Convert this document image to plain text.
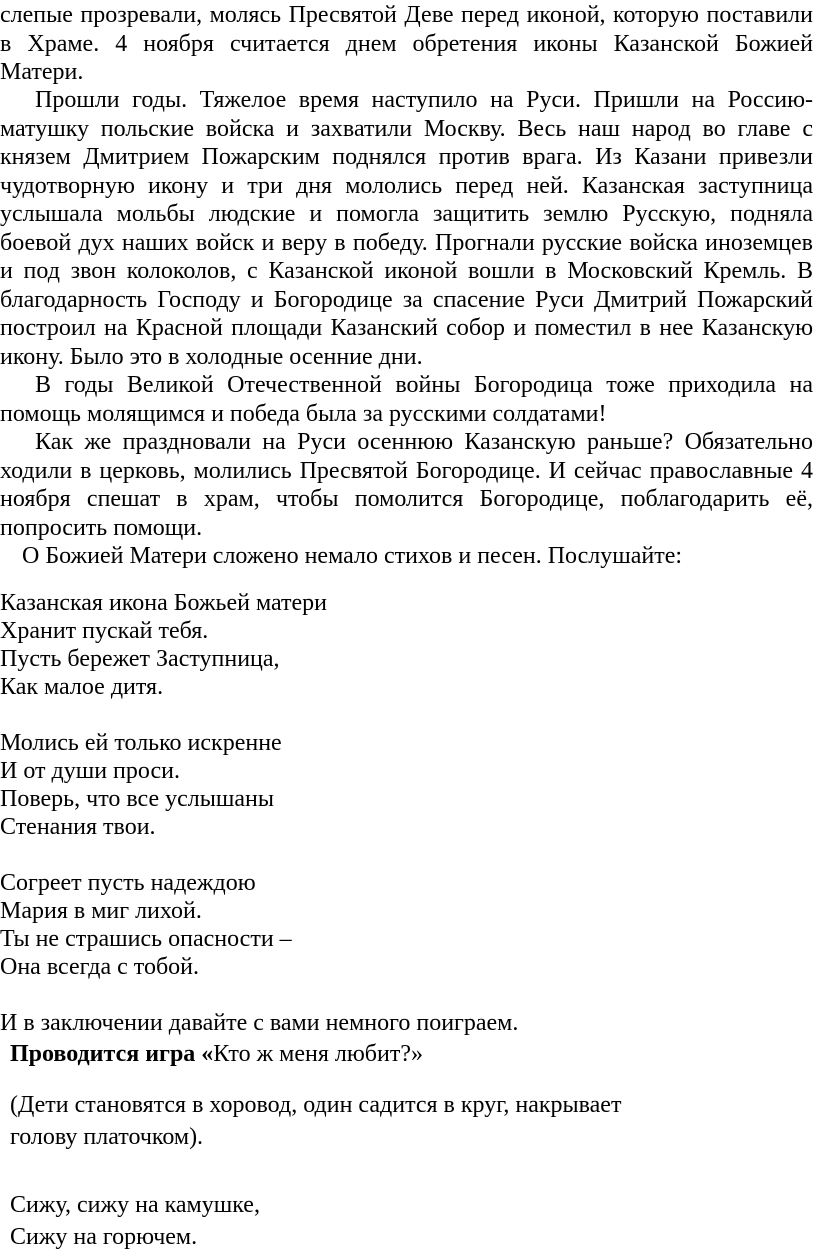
слепые прозревали, молясь Пресвятой Деве перед иконой, которую поставили
в Храме. 4 ноября считается днем обретения иконы Казанской Божией
Матери.
Прошли годы. Тяжелое время наступило на Руси. Пришли на Россию-
матушку польские войска и захватили Москву. Весь наш народ во главе с
князем Дмитрием Пожарским поднялся против врага. Из Казани привезли
чудотворную икону и три дня мололись перед ней. Казанская заступница
услышала мольбы людские и помогла защитить землю Русскую, подняла
боевой дух наших войск и веру в победу. Прогнали русские войска иноземцев
и под звон колоколов, с Казанской иконой вошли в Московский Кремль. В
благодарность Господу и Богородице за спасение Руси Дмитрий Пожарский
построил на Красной площади Казанский собор и поместил в нее Казанскую
икону. Было это в холодные осенние дни.
В годы Великой Отечественной войны Богородица тоже приходила на
помощь молящимся и победа была за русскими солдатами!
Как же праздновали на Руси осеннюю Казанскую раньше? Обязательно
ходили в церковь, молились Пресвятой Богородице. И сейчас православные 4
ноября спешат в храм, чтобы помолится Богородице, поблагодарить её,
попросить помощи.
О Божией Матери сложено немало стихов и песен. Послушайте:
Казанская икона Божьей матери
Хранит пускай тебя.
Пусть бережет Заступница,
Как малое дитя.
Молись ей только искренне
И от души проси.
Поверь, что все услышаны
Стенания твои.
Согреет пусть надеждою
Мария в миг лихой.
Ты не страшись опасности –
Она всегда с тобой.
И в заключении давайте с вами немного поиграем.
Проводится игра «Кто ж меня любит?»
(Дети становятся в хоровод, один садится в круг, накрывает
голову платочком).
Сижу, сижу на камушке,
Сижу на горючем.
